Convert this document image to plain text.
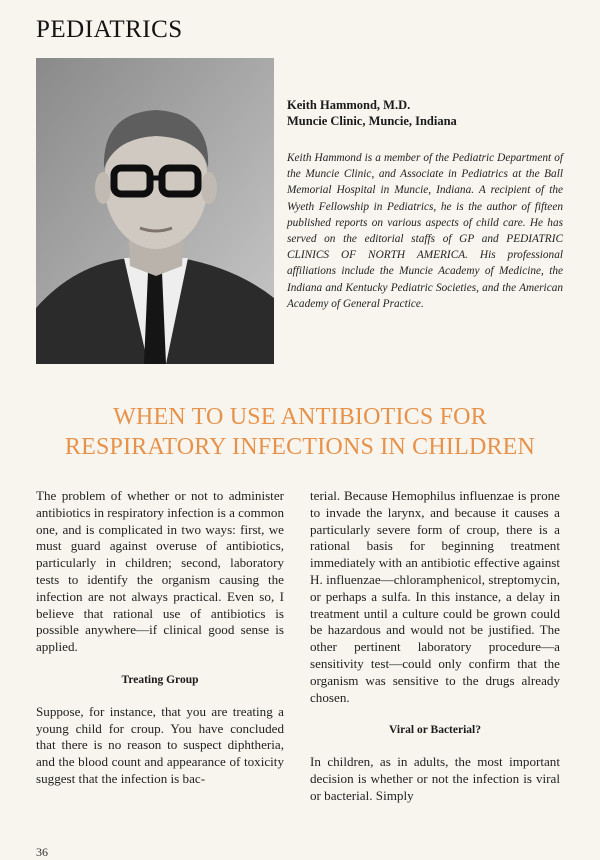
PEDIATRICS
Keith Hammond, M.D.
Muncie Clinic, Muncie, Indiana
Keith Hammond is a member of the Pediatric Department of the Muncie Clinic, and Associate in Pediatrics at the Ball Memorial Hospital in Muncie, Indiana. A recipient of the Wyeth Fellowship in Pediatrics, he is the author of fifteen published reports on various aspects of child care. He has served on the editorial staffs of GP and PEDIATRIC CLINICS OF NORTH AMERICA. His professional affiliations include the Muncie Academy of Medicine, the Indiana and Kentucky Pediatric Societies, and the American Academy of General Practice.
WHEN TO USE ANTIBIOTICS FOR
RESPIRATORY INFECTIONS IN CHILDREN

The problem of whether or not to administer antibiotics in respiratory infection is a common one, and is complicated in two ways: first, we must guard against overuse of antibiotics, particularly in children; second, laboratory tests to identify the organism causing the infection are not always practical. Even so, I believe that rational use of antibiotics is possible anywhere—if clinical good sense is applied.

Treating Group

Suppose, for instance, that you are treating a young child for croup. You have concluded that there is no reason to suspect diphtheria, and the blood count and appearance of toxicity suggest that the infection is bac-

terial. Because Hemophilus influenzae is prone to invade the larynx, and because it causes a particularly severe form of croup, there is a rational basis for beginning treatment immediately with an antibiotic effective against H. influenzae—chloramphenicol, streptomycin, or perhaps a sulfa. In this instance, a delay in treatment until a culture could be grown could be hazardous and would not be justified. The other pertinent laboratory procedure—a sensitivity test—could only confirm that the organism was sensitive to the drugs already chosen.

Viral or Bacterial?

In children, as in adults, the most important decision is whether or not the infection is viral or bacterial. Simply

36
